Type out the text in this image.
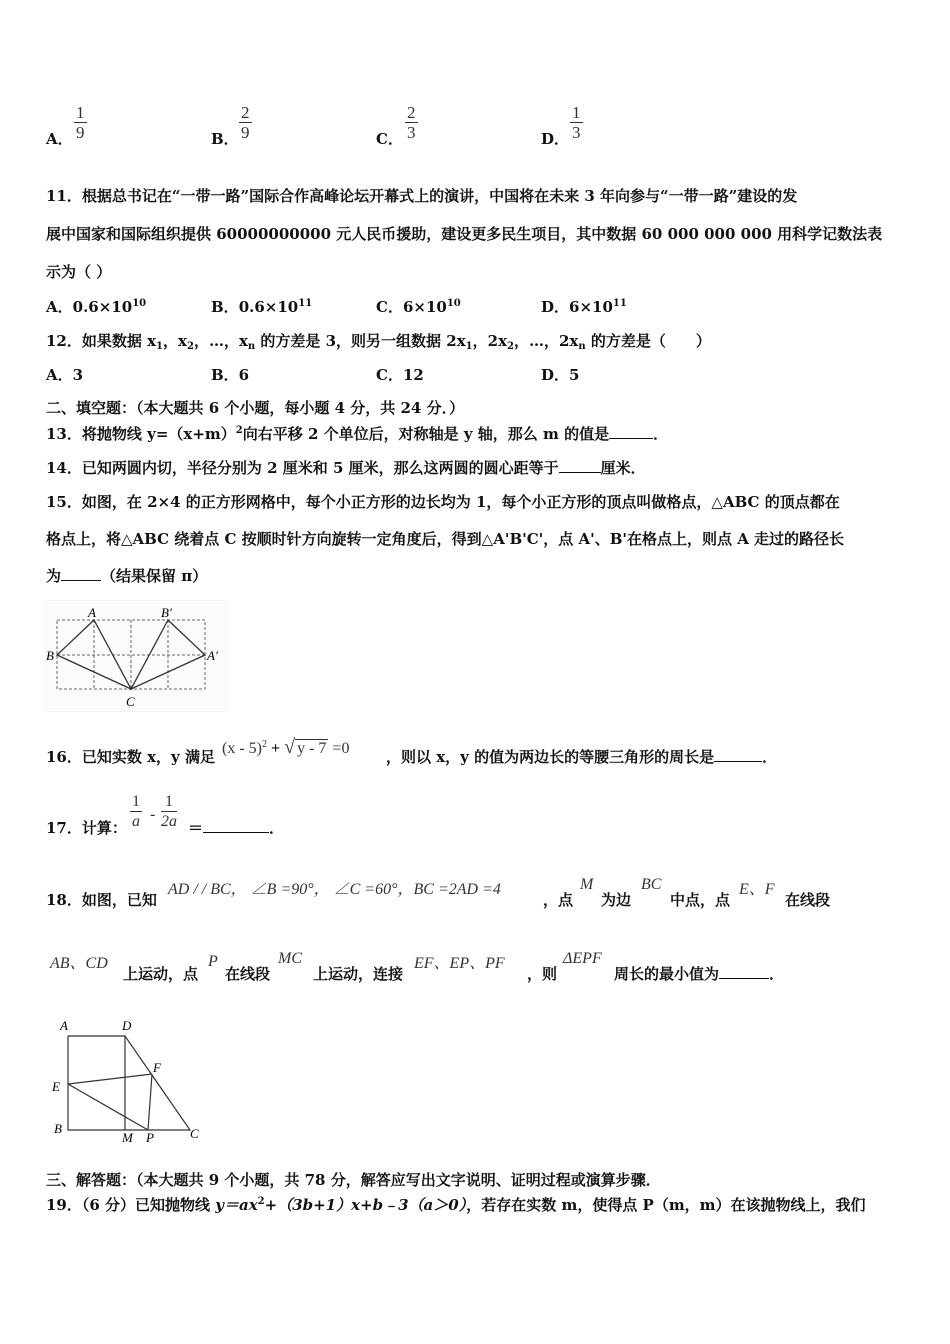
A． $\frac{1}{9}$	B． $\frac{2}{9}$	C． $\frac{2}{3}$	D． $\frac{1}{3}$
11．根据总书记在“一带一路”国际合作高峰论坛开幕式上的演讲，中国将在未来 3 年向参与“一带一路”建设的发
展中国家和国际组织提供 60000000000 元人民币援助，建设更多民生项目，其中数据 60 000 000 000 用科学记数法表
示为（ ）
A．$0.6\times 10^{10}$	B．$0.6\times 10^{11}$	C．$6\times 10^{10}$	D．$6\times 10^{11}$
12．如果数据 $x_1$，$x_2$，…，$x_n$ 的方差是 3，则另一组数据 $2x_1$，$2x_2$，…，$2x_n$ 的方差是（　　）
A．3	B．6	C．12	D．5
二、填空题：（本大题共 6 个小题，每小题 4 分，共 24 分．）
13．将抛物线 $y=(x+m)^2$向右平移 2 个单位后，对称轴是 y 轴，那么 m 的值是	．
14．已知两圆内切，半径分别为 2 厘米和 5 厘米，那么这两圆的圆心距等于	厘米．
15．如图，在 2×4 的正方形网格中，每个小正方形的边长均为 1，每个小正方形的顶点叫做格点，△ABC 的顶点都在
格点上，将△ABC 绕着点 C 按顺时针方向旋转一定角度后，得到△A'B'C'，点 A'、B'在格点上，则点 A 走过的路径长
为	（结果保留 π）
A
B
B'
A'
C
16．已知实数 x，y 满足 (x - 5)$^2$ + √ y - 7 =0 ，则以 x，y 的值为两边长的等腰三角形的周长是	．
17．计算： $\frac{1}{a} - \frac{1}{2a}$ ＝	．
18．如图，已知
AD / / BC， ∠B =90°， ∠C =60°，BC =2AD =4
，点
M
为边
BC
中点，点
E、F
在线段
AB、CD
上运动，点
P
在线段
MC
上运动，连接
EF、EP、PF
，则
ΔEPF
周长的最小值为	．
A	D
F
E
B
M P	C
三、解答题：（本大题共 9 个小题，共 78 分，解答应写出文字说明、证明过程或演算步骤．
19．（6 分）已知抛物线 $y=ax^2+(3b+1)x+b﹣3(a>0)$，若存在实数 m，使得点 P（m，m）在该抛物线上，我们
